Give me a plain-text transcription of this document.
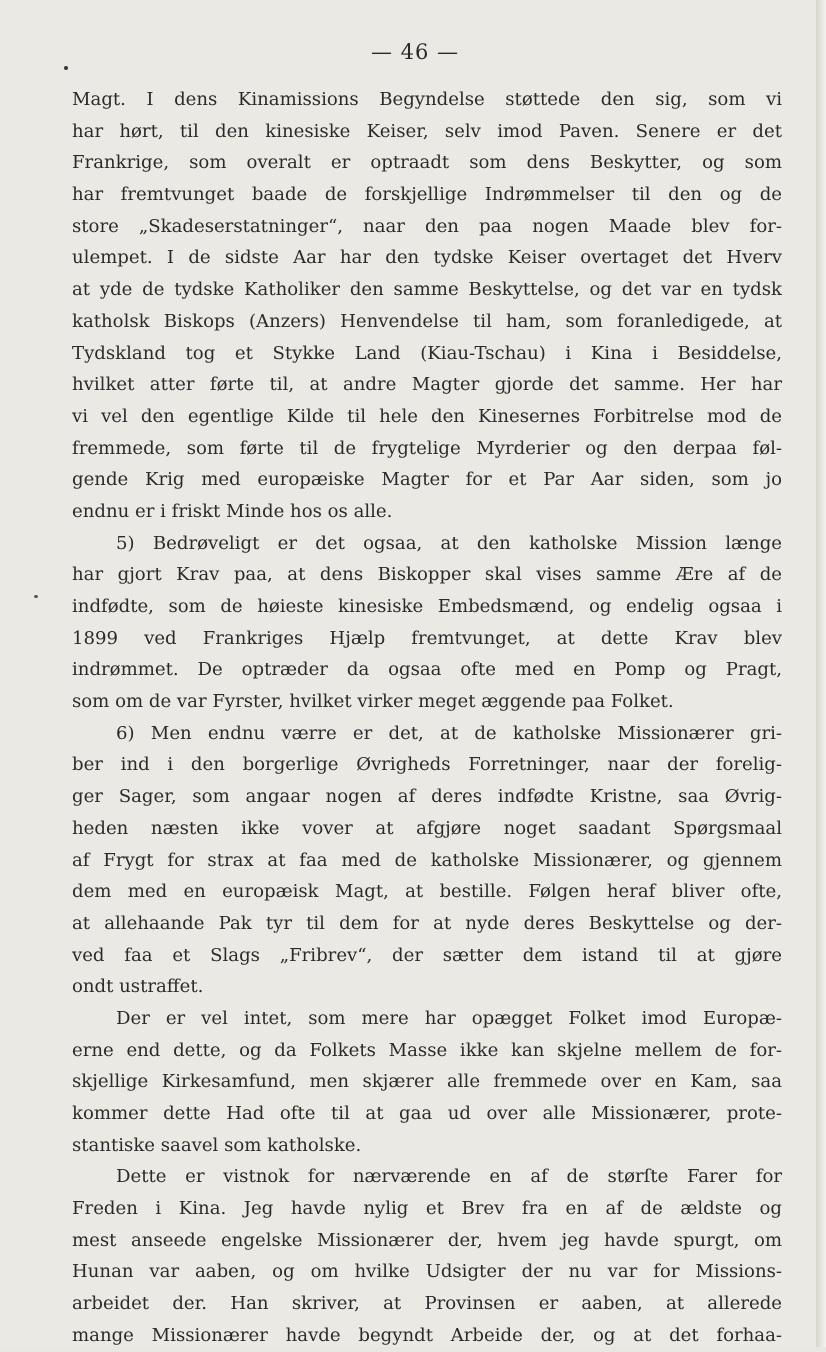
— 46 —
Magt. I dens Kinamissions Begyndelse støttede den sig, som vi
har hørt, til den kinesiske Keiser, selv imod Paven. Senere er det
Frankrige, som overalt er optraadt som dens Beskytter, og som
har fremtvunget baade de forskjellige Indrømmelser til den og de
store „Skadeserstatninger“, naar den paa nogen Maade blev for-
ulempet. I de sidste Aar har den tydske Keiser overtaget det Hverv
at yde de tydske Katholiker den samme Beskyttelse, og det var en tydsk
katholsk Biskops (Anzers) Henvendelse til ham, som foranledigede, at
Tydskland tog et Stykke Land (Kiau-Tschau) i Kina i Besiddelse,
hvilket atter førte til, at andre Magter gjorde det samme. Her har
vi vel den egentlige Kilde til hele den Kinesernes Forbitrelse mod de
fremmede, som førte til de frygtelige Myrderier og den derpaa føl-
gende Krig med europæiske Magter for et Par Aar siden, som jo
endnu er i friskt Minde hos os alle.
5) Bedrøveligt er det ogsaa, at den katholske Mission længe
har gjort Krav paa, at dens Biskopper skal vises samme Ære af de
indfødte, som de høieste kinesiske Embedsmænd, og endelig ogsaa i
1899 ved Frankriges Hjælp fremtvunget, at dette Krav blev
indrømmet. De optræder da ogsaa ofte med en Pomp og Pragt,
som om de var Fyrster, hvilket virker meget æggende paa Folket.
6) Men endnu værre er det, at de katholske Missionærer gri-
ber ind i den borgerlige Øvrigheds Forretninger, naar der forelig-
ger Sager, som angaar nogen af deres indfødte Kristne, saa Øvrig-
heden næsten ikke vover at afgjøre noget saadant Spørgsmaal
af Frygt for strax at faa med de katholske Missionærer, og gjennem
dem med en europæisk Magt, at bestille. Følgen heraf bliver ofte,
at allehaande Pak tyr til dem for at nyde deres Beskyttelse og der-
ved faa et Slags „Fribrev“, der sætter dem istand til at gjøre
ondt ustraffet.
Der er vel intet, som mere har opægget Folket imod Europæ-
erne end dette, og da Folkets Masse ikke kan skjelne mellem de for-
skjellige Kirkesamfund, men skjærer alle fremmede over en Kam, saa
kommer dette Had ofte til at gaa ud over alle Missionærer, prote-
stantiske saavel som katholske.
Dette er vistnok for nærværende en af de størſte Farer for
Freden i Kina. Jeg havde nylig et Brev fra en af de ældste og
mest anseede engelske Missionærer der, hvem jeg havde spurgt, om
Hunan var aaben, og om hvilke Udsigter der nu var for Missions-
arbeidet der. Han skriver, at Provinsen er aaben, at allerede
mange Missionærer havde begyndt Arbeide der, og at det forhaa-
